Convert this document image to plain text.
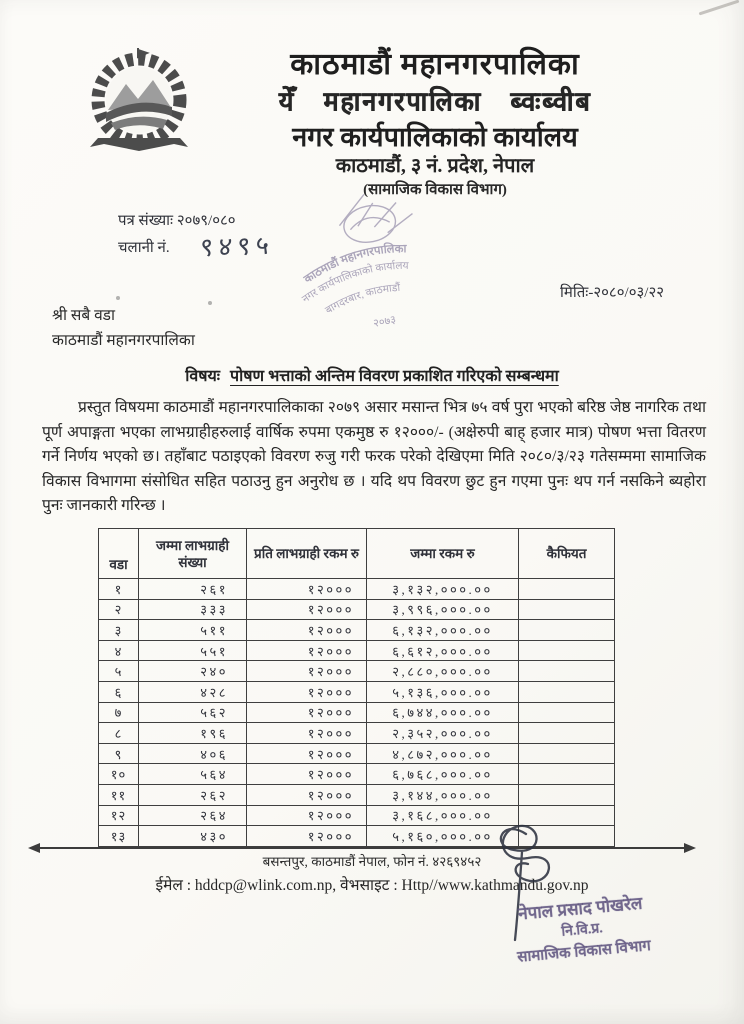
काठमाडौं महानगरपालिका
येँ महानगरपालिका ब्वःब्वीब
नगर कार्यपालिकाको कार्यालय
काठमाडौं, ३ नं. प्रदेश, नेपाल
(सामाजिक विकास विभाग)
पत्र संख्याः २०७९/०८०
चलानी नं. ९४९५
काठमाडौं महानगरपालिका
नगर कार्यपालिकाको कार्यालय
बागदरबार, काठमाडौं
२०७३
मितिः-२०८०/०३/२२
श्री सबै वडा
काठमाडौं महानगरपालिका
विषयः पोषण भत्ताको अन्तिम विवरण प्रकाशित गरिएको सम्बन्धमा
प्रस्तुत विषयमा काठमाडौं महानगरपालिकाका २०७९ असार मसान्त भित्र ७५ वर्ष पुरा भएको बरिष्ठ जेष्ठ नागरिक तथा पूर्ण अपाङ्गता भएका लाभग्राहीहरुलाई वार्षिक रुपमा एकमुष्ठ रु १२०००/- (अक्षेरुपी बाह् हजार मात्र) पोषण भत्ता वितरण गर्ने निर्णय भएको छ। तहाँबाट पठाइएको विवरण रुजु गरी फरक परेको देखिएमा मिति २०८०/३/२३ गतेसम्ममा सामाजिक विकास विभागमा संसोधित सहित पठाउनु हुन अनुरोध छ । यदि थप विवरण छुट हुन गएमा पुनः थप गर्न नसकिने ब्यहोरा पुनः जानकारी गरिन्छ ।
वडा	जम्मा लाभग्राही संख्या	प्रति लाभग्राही रकम रु	जम्मा रकम रु	कैफियत
१	२६१	१२०००	३,१३२,०००.००	
२	३३३	१२०००	३,९९६,०००.००	
३	५११	१२०००	६,१३२,०००.००	
४	५५१	१२०००	६,६१२,०००.००	
५	२४०	१२०००	२,८८०,०००.००	
६	४२८	१२०००	५,१३६,०००.००	
७	५६२	१२०००	६,७४४,०००.००	
८	१९६	१२०००	२,३५२,०००.००	
९	४०६	१२०००	४,८७२,०००.००	
१०	५६४	१२०००	६,७६८,०००.००	
११	२६२	१२०००	३,१४४,०००.००	
१२	२६४	१२०००	३,१६८,०००.००	
१३	४३०	१२०००	५,१६०,०००.००	
बसन्तपुर, काठमाडौं नेपाल, फोन नं. ४२६९४५२
ईमेल : hddcp@wlink.com.np, वेभसाइट : Http//www.kathmandu.gov.np
नेपाल प्रसाद पोखरेल
नि.वि.प्र.
सामाजिक विकास विभाग
